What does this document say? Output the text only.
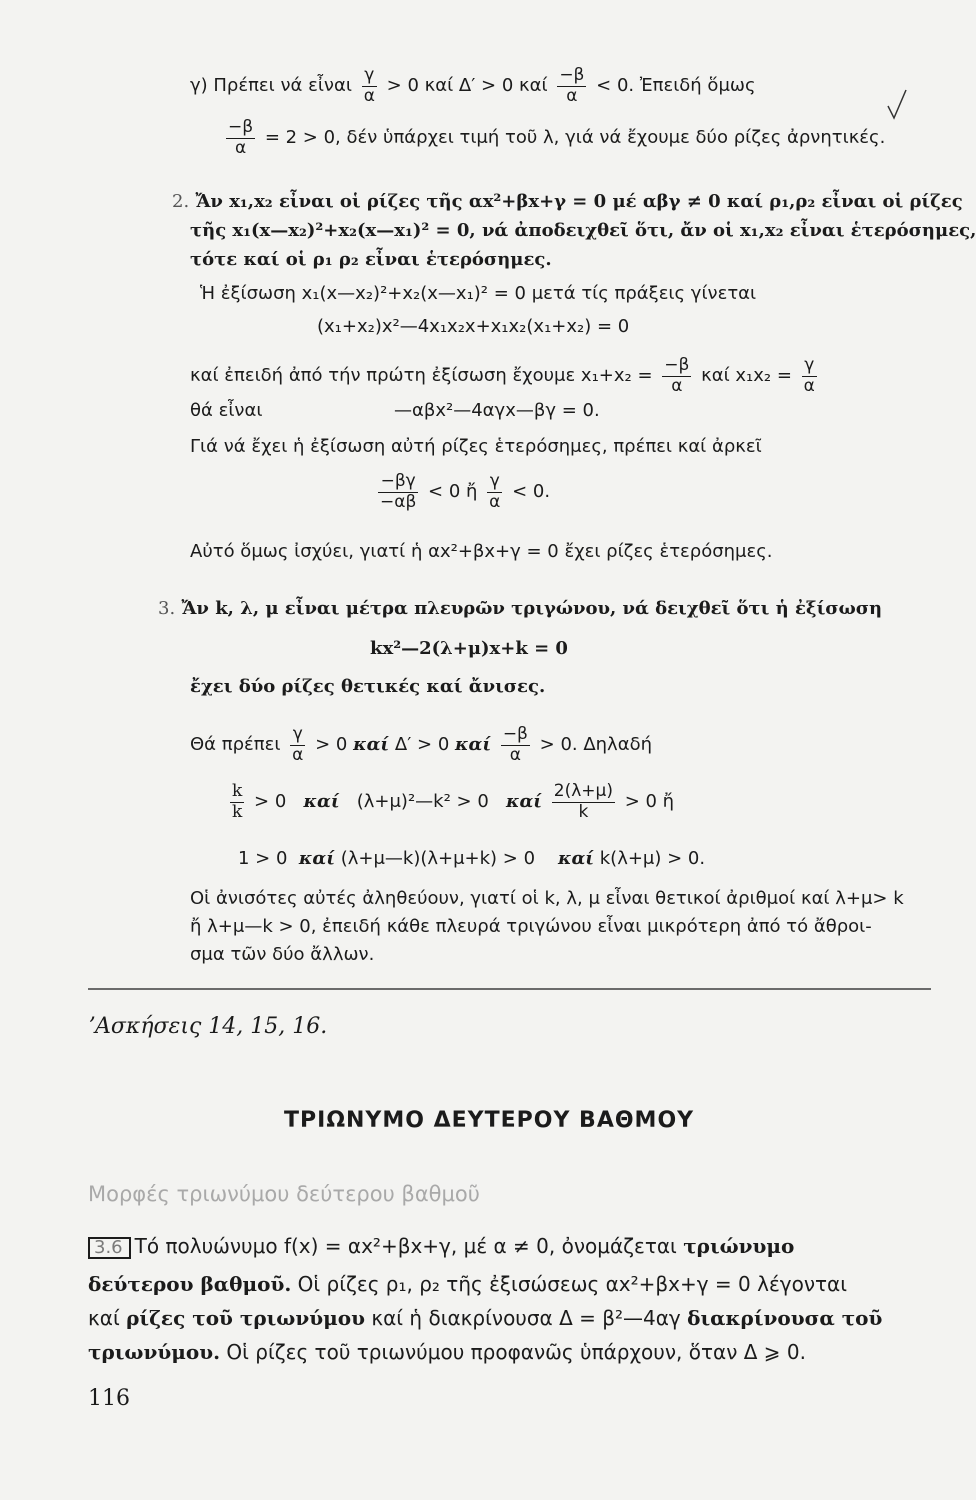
γ) Πρέπει νά εἶναι $\frac{\gamma}{\alpha} > 0$ καί Δ′ > 0 καί $\frac{-\beta}{\alpha} < 0$. Ἐπειδή ὅμως
$\frac{-\beta}{\alpha} = 2 > 0$, δέν ὑπάρχει τιμή τοῦ λ, γιά νά ἔχουμε δύο ρίζες ἀρνητικές.
2. Ἄν x₁,x₂ εἶναι οἱ ρίζες τῆς αx²+βx+γ = 0 μέ αβγ ≠ 0 καί ρ₁,ρ₂ εἶναι οἱ ρίζες
τῆς x₁(x—x₂)²+x₂(x—x₁)² = 0, νά ἀποδειχθεῖ ὅτι, ἄν οἱ x₁,x₂ εἶναι ἑτερόσημες,
τότε καί οἱ ρ₁ ρ₂ εἶναι ἑτερόσημες.
Ἡ ἐξίσωση x₁(x—x₂)²+x₂(x—x₁)² = 0 μετά τίς πράξεις γίνεται
(x₁+x₂)x²—4x₁x₂x+x₁x₂(x₁+x₂) = 0
καί ἐπειδή ἀπό τήν πρώτη ἐξίσωση ἔχουμε $x_1+x_2 = \frac{-\beta}{\alpha}$ καί $x_1x_2 = \frac{\gamma}{\alpha}$
θά εἶναι	—αβx²—4αγx—βγ = 0.
Γιά νά ἔχει ἡ ἐξίσωση αὐτή ρίζες ἑτερόσημες, πρέπει καί ἀρκεῖ
$\frac{-\beta\gamma}{-\alpha\beta} < 0$ ἤ $\frac{\gamma}{\alpha} < 0$.
Αὐτό ὅμως ἰσχύει, γιατί ἡ αx²+βx+γ = 0 ἔχει ρίζες ἑτερόσημες.
3. Ἄν k, λ, μ εἶναι μέτρα πλευρῶν τριγώνου, νά δειχθεῖ ὅτι ἡ ἐξίσωση
kx²—2(λ+μ)x+k = 0
ἔχει δύο ρίζες θετικές καί ἄνισες.
Θά πρέπει $\frac{\gamma}{\alpha} > 0$ καί Δ′ > 0 καί $\frac{-\beta}{\alpha} > 0$. Δηλαδή
$\frac{k}{k} > 0$ καί (λ+μ)²—k² > 0 καί $\frac{2(\lambda+\mu)}{k} > 0$ ἤ
1 > 0 καί (λ+μ—k)(λ+μ+k) > 0 καί k(λ+μ) > 0.
Οἱ ἀνισότες αὐτές ἀληθεύουν, γιατί οἱ k, λ, μ εἶναι θετικοί ἀριθμοί καί λ+μ> k
ἤ λ+μ—k > 0, ἐπειδή κάθε πλευρά τριγώνου εἶναι μικρότερη ἀπό τό ἄθροι-
σμα τῶν δύο ἄλλων.
ʼΑσκήσεις 14, 15, 16.
ΤΡΙΩΝΥΜΟ ΔΕΥΤΕΡΟΥ ΒΑΘΜΟΥ
Μορφές τριωνύμου δεύτερου βαθμοῦ
3.6 Τό πολυώνυμο f(x) = αx²+βx+γ, μέ α ≠ 0, ὀνομάζεται τριώνυμο
δεύτερου βαθμοῦ. Οἱ ρίζες ρ₁, ρ₂ τῆς ἐξισώσεως αx²+βx+γ = 0 λέγονται
καί ρίζες τοῦ τριωνύμου καί ἡ διακρίνουσα Δ = β²—4αγ διακρίνουσα τοῦ
τριωνύμου. Οἱ ρίζες τοῦ τριωνύμου προφανῶς ὑπάρχουν, ὅταν Δ ⩾ 0.
116
